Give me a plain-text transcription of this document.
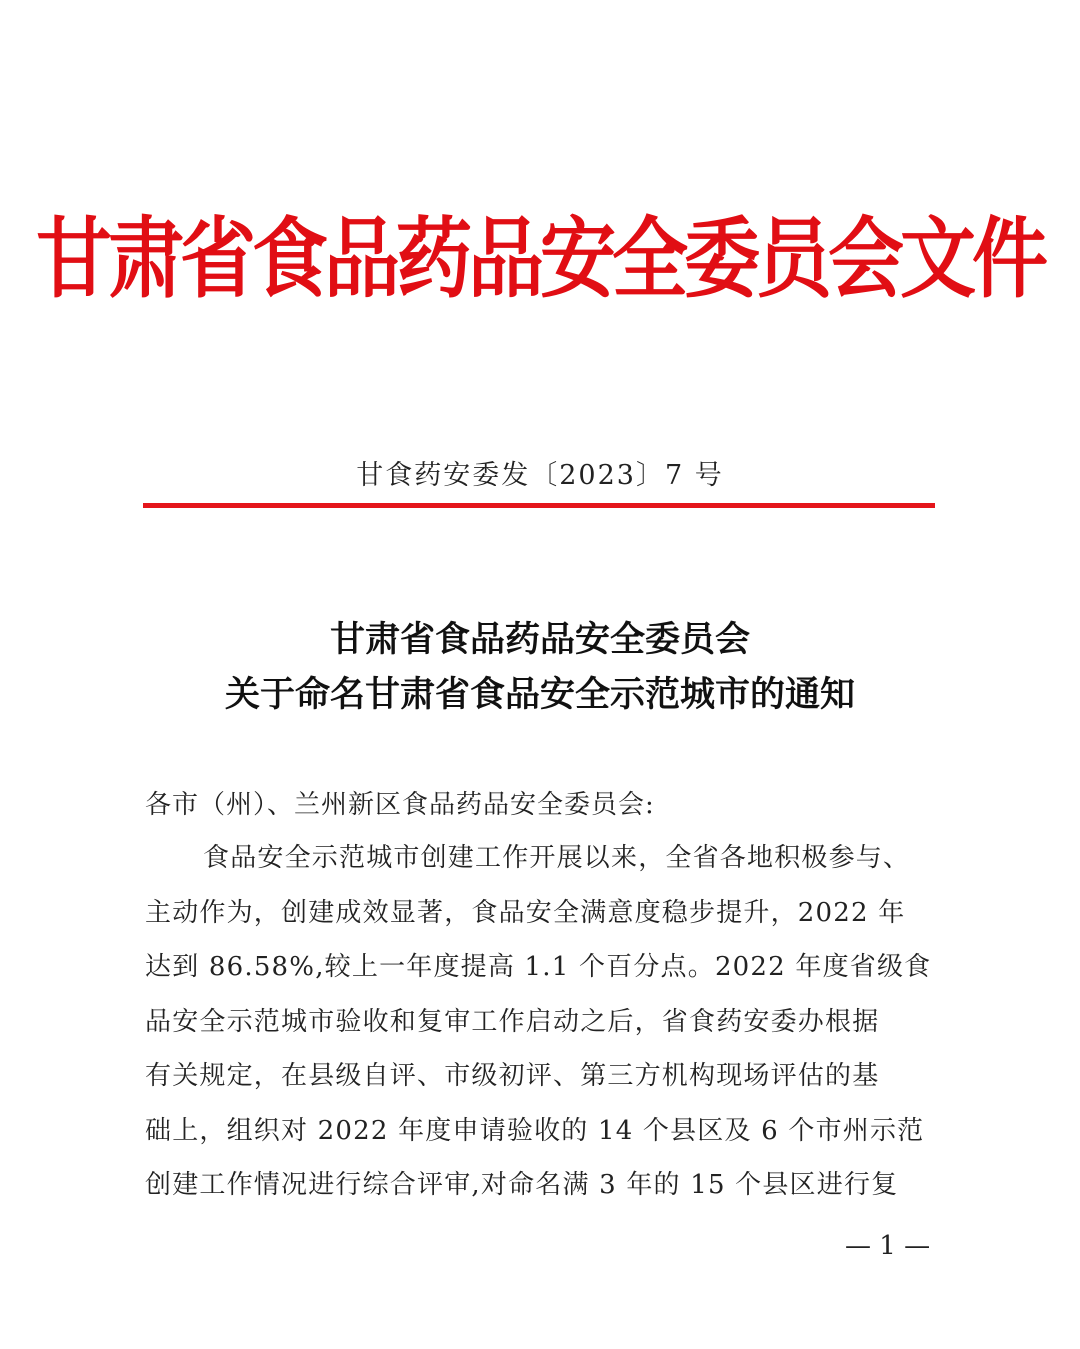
甘肃省食品药品安全委员会文件
甘食药安委发〔2023〕7 号
甘肃省食品药品安全委员会
关于命名甘肃省食品安全示范城市的通知
各市（州）、兰州新区食品药品安全委员会:
食品安全示范城市创建工作开展以来，全省各地积极参与、
主动作为，创建成效显著，食品安全满意度稳步提升，2022 年
达到 86.58%,较上一年度提高 1.1 个百分点。2022 年度省级食
品安全示范城市验收和复审工作启动之后，省食药安委办根据
有关规定，在县级自评、市级初评、第三方机构现场评估的基
础上，组织对 2022 年度申请验收的 14 个县区及 6 个市州示范
创建工作情况进行综合评审,对命名满 3 年的 15 个县区进行复
— 1 —
